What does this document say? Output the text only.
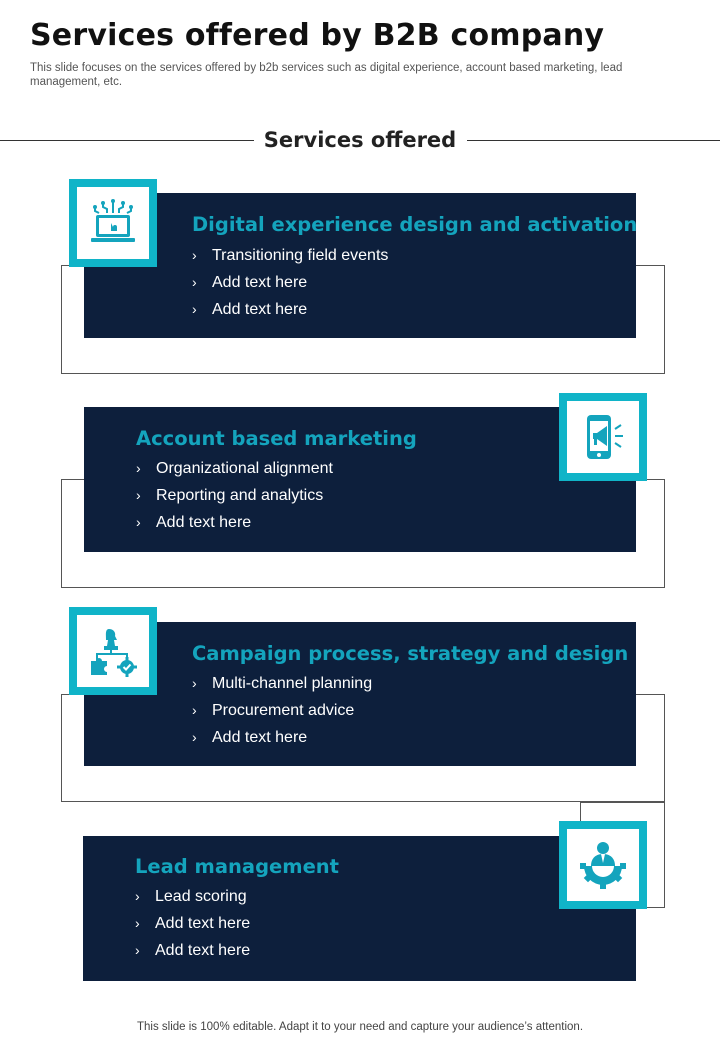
Services offered by B2B company
This slide focuses on the services offered by b2b services such as digital experience, account based marketing, lead management, etc.
Services offered
Digital experience design and activation
› Transitioning field events
› Add text here
› Add text here
Account based marketing
› Organizational alignment
› Reporting and analytics
› Add text here
Campaign process, strategy and design
› Multi-channel planning
› Procurement advice
› Add text here
Lead management
› Lead scoring
› Add text here
› Add text here
This slide is 100% editable. Adapt it to your need and capture your audience’s attention.
